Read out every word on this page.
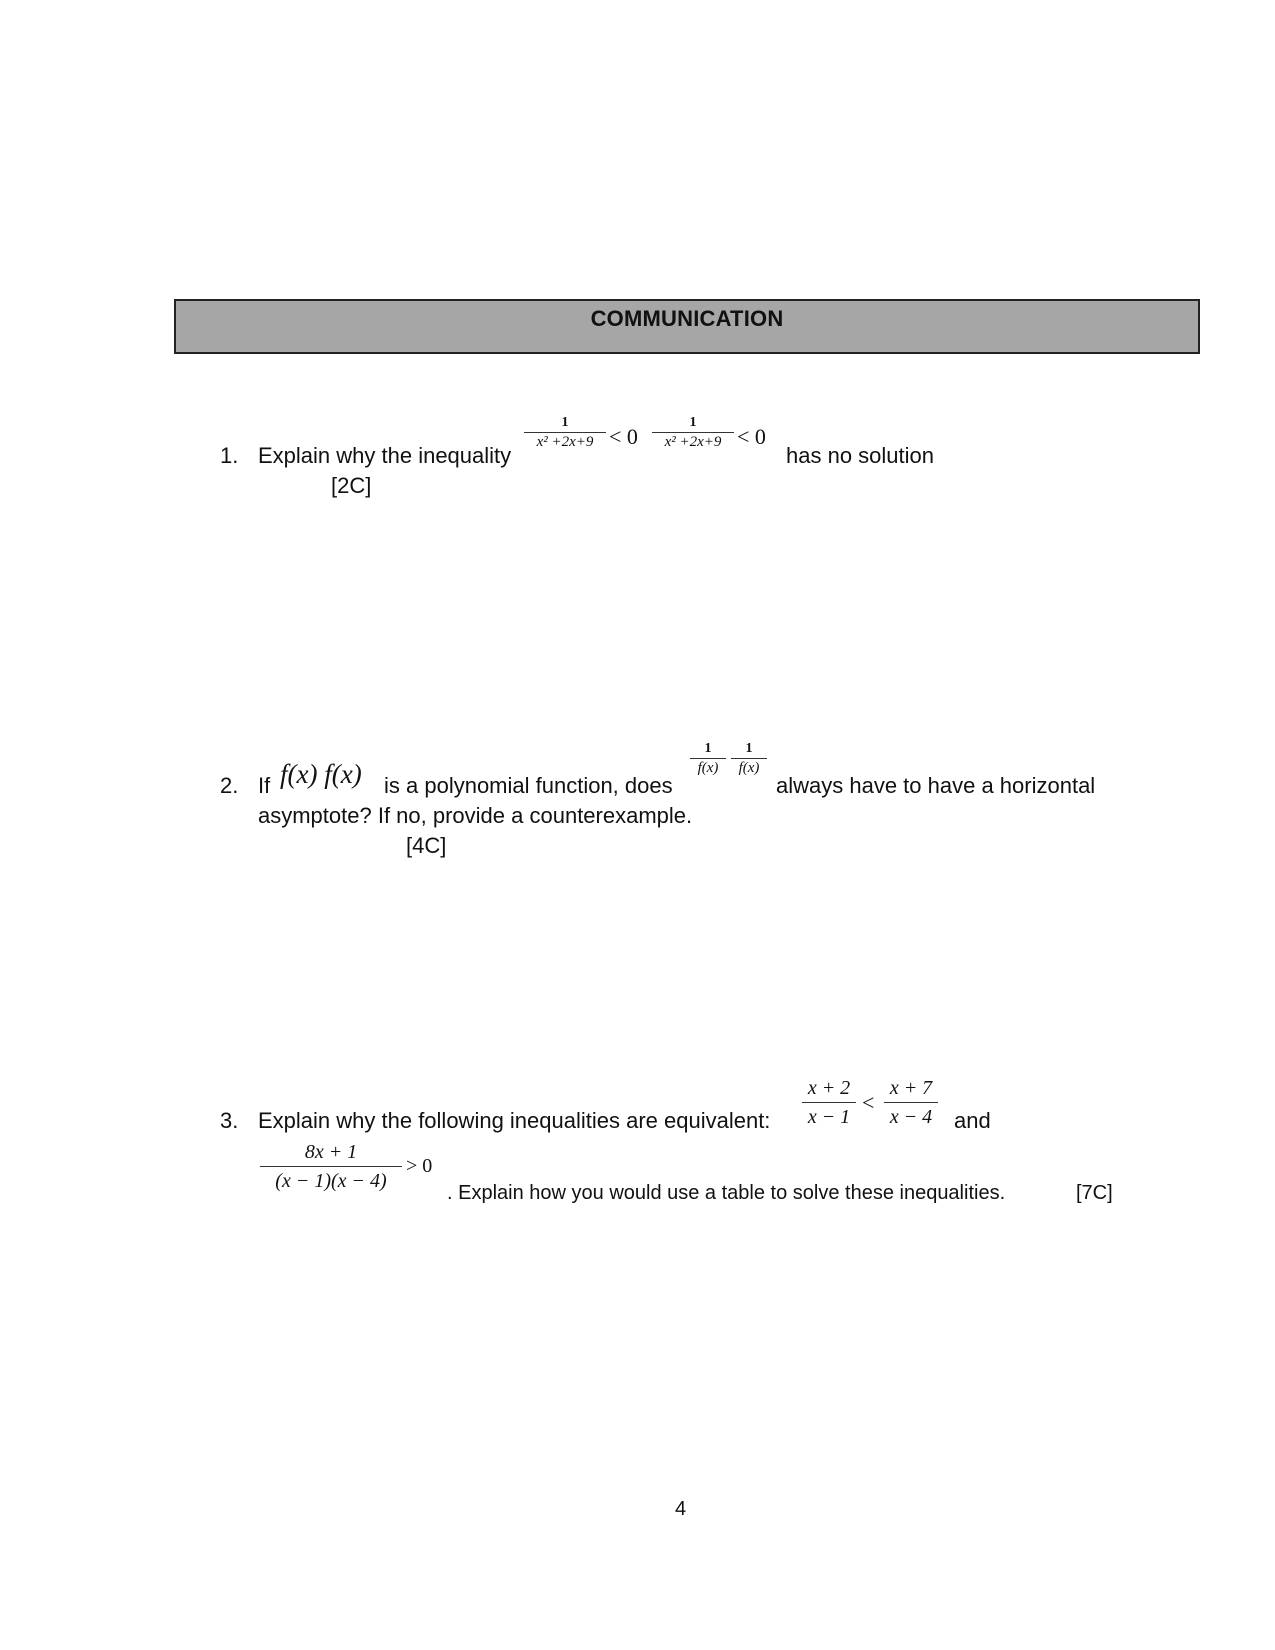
COMMUNICATION
1. Explain why the inequality
1
x² +2x+9 < 0
1
x² +2x+9 < 0
has no solution
[2C]
2. If f(x) f(x) is a polynomial function, does
1
f(x)
1
f(x)
always have to have a horizontal
asymptote? If no, provide a counterexample.
[4C]
3. Explain why the following inequalities are equivalent:
x + 2
x − 1
<
x + 7
x − 4 and
8x + 1
(x − 1)(x − 4)
> 0
. Explain how you would use a table to solve these inequalities.	[7C]
4
